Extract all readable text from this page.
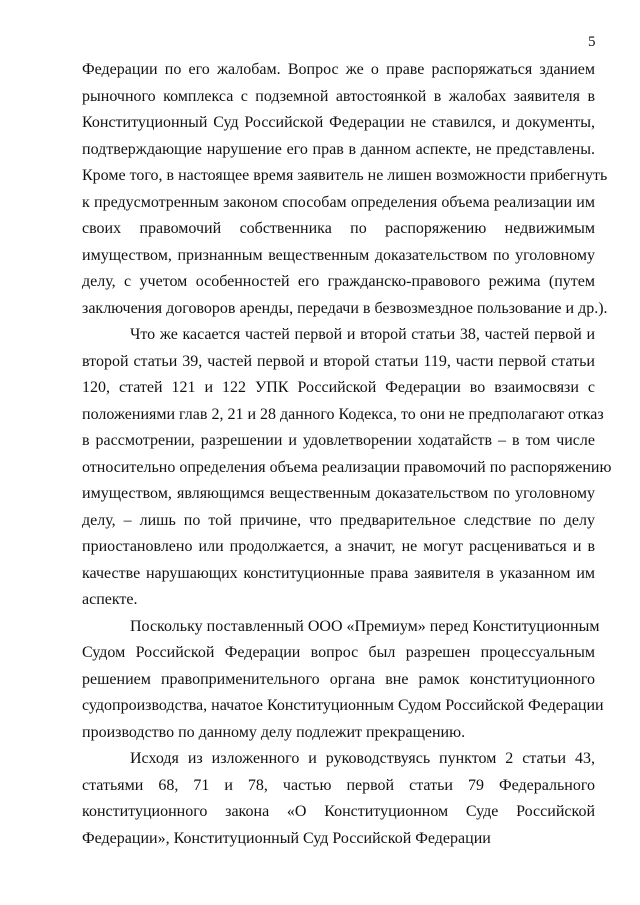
5

Федерации по его жалобам. Вопрос же о праве распоряжаться зданием
рыночного комплекса с подземной автостоянкой в жалобах заявителя в
Конституционный Суд Российской Федерации не ставился, и документы,
подтверждающие нарушение его прав в данном аспекте, не представлены.
Кроме того, в настоящее время заявитель не лишен возможности прибегнуть
к предусмотренным законом способам определения объема реализации им
своих правомочий собственника по распоряжению недвижимым
имуществом, признанным вещественным доказательством по уголовному
делу, с учетом особенностей его гражданско-правового режима (путем
заключения договоров аренды, передачи в безвозмездное пользование и др.).

Что же касается частей первой и второй статьи 38, частей первой и
второй статьи 39, частей первой и второй статьи 119, части первой статьи
120, статей 121 и 122 УПК Российской Федерации во взаимосвязи с
положениями глав 2, 21 и 28 данного Кодекса, то они не предполагают отказ
в рассмотрении, разрешении и удовлетворении ходатайств – в том числе
относительно определения объема реализации правомочий по распоряжению
имуществом, являющимся вещественным доказательством по уголовному
делу, – лишь по той причине, что предварительное следствие по делу
приостановлено или продолжается, а значит, не могут расцениваться и в
качестве нарушающих конституционные права заявителя в указанном им
аспекте.

Поскольку поставленный ООО «Премиум» перед Конституционным
Судом Российской Федерации вопрос был разрешен процессуальным
решением правоприменительного органа вне рамок конституционного
судопроизводства, начатое Конституционным Судом Российской Федерации
производство по данному делу подлежит прекращению.

Исходя из изложенного и руководствуясь пунктом 2 статьи 43,
статьями 68, 71 и 78, частью первой статьи 79 Федерального
конституционного закона «О Конституционном Суде Российской
Федерации», Конституционный Суд Российской Федерации
